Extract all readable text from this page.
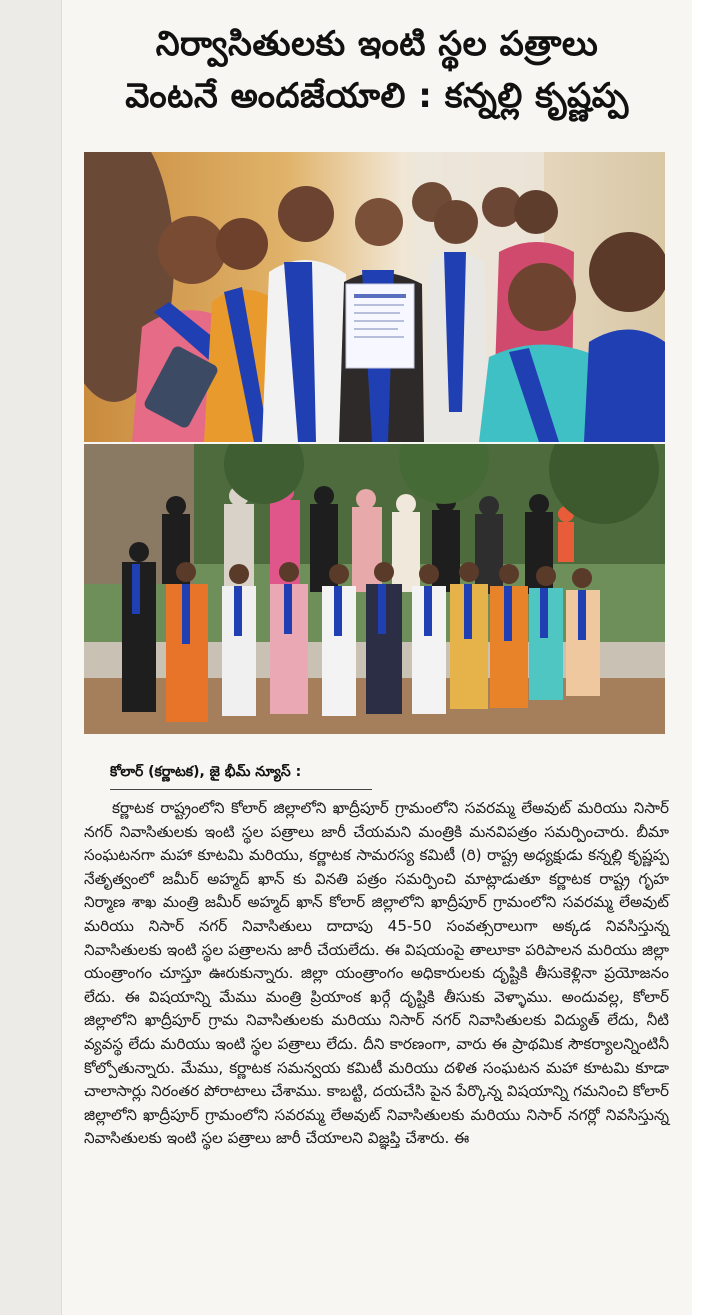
నిర్వాసితులకు ఇంటి స్థల పత్రాలు
వెంటనే అందజేయాలి : కన్నల్లి కృష్ణప్ప
కోలార్ (కర్ణాటక), జై భీమ్ న్యూస్ :
కర్ణాటక రాష్ట్రంలోని కోలార్ జిల్లాలోని ఖాద్రీపూర్ గ్రామంలోని సవరమ్మ లేఅవుట్ మరియు నిసార్ నగర్ నివాసితులకు ఇంటి స్థల పత్రాలు జారీ చేయమని మంత్రికి మనవిపత్రం సమర్పించారు. బీమా సంఘటనగా మహా కూటమి మరియు, కర్ణాటక సామరస్య కమిటీ (రి) రాష్ట్ర అధ్యక్షుడు కన్నల్లి కృష్ణప్ప నేతృత్వంలో జమీర్ అహ్మద్ ఖాన్ కు వినతి పత్రం సమర్పించి మాట్లాడుతూ కర్ణాటక రాష్ట్ర గృహ నిర్మాణ శాఖ మంత్రి జమీర్ అహ్మద్ ఖాన్ కోలార్ జిల్లాలోని ఖాద్రీపూర్ గ్రామంలోని సవరమ్మ లేఅవుట్ మరియు నిసార్ నగర్ నివాసితులు దాదాపు 45-50 సంవత్సరాలుగా అక్కడ నివసిస్తున్న నివాసితులకు ఇంటి స్థల పత్రాలను జారీ చేయలేదు. ఈ విషయంపై తాలూకా పరిపాలన మరియు జిల్లా యంత్రాంగం చూస్తూ ఊరుకున్నారు. జిల్లా యంత్రాంగం అధికారులకు దృష్టికి తీసుకెళ్లినా ప్రయోజనం లేదు. ఈ విషయాన్ని మేము మంత్రి ప్రియాంక ఖర్గే దృష్టికి తీసుకు వెళ్ళాము. అందువల్ల, కోలార్ జిల్లాలోని ఖాద్రీపూర్ గ్రామ నివాసితులకు మరియు నిసార్ నగర్ నివాసితులకు విద్యుత్ లేదు, నీటి వ్యవస్థ లేదు మరియు ఇంటి స్థల పత్రాలు లేదు. దీని కారణంగా, వారు ఈ ప్రాథమిక సౌకర్యాలన్నింటినీ కోల్పోతున్నారు. మేము, కర్ణాటక సమన్వయ కమిటీ మరియు దళిత సంఘటన మహా కూటమి కూడా చాలాసార్లు నిరంతర పోరాటాలు చేశాము. కాబట్టి, దయచేసి పైన పేర్కొన్న విషయాన్ని గమనించి కోలార్ జిల్లాలోని ఖాద్రీపూర్ గ్రామంలోని సవరమ్మ లేఅవుట్ నివాసితులకు మరియు నిసార్ నగర్లో నివసిస్తున్న నివాసితులకు ఇంటి స్థల పత్రాలు జారీ చేయాలని విజ్ఞప్తి చేశారు. ఈ
